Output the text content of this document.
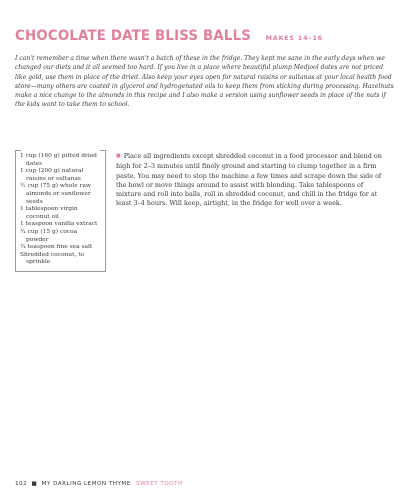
CHOCOLATE DATE BLISS BALLS MAKES 14–16

I can't remember a time when there wasn't a batch of these in the fridge. They kept me sane in the early days when we changed our diets and it all seemed too hard. If you live in a place where beautiful plump Medjool dates are not priced like gold, use them in place of the dried. Also keep your eyes open for natural raisins or sultanas at your local health food store—many others are coated in glycerol and hydrogenated oils to keep them from sticking during processing. Hazelnuts make a nice change to the almonds in this recipe and I also make a version using sunflower seeds in place of the nuts if the kids want to take them to school.

1 cup (160 g) pitted dried dates
1 cup (200 g) natural raisins or sultanas
½ cup (75 g) whole raw almonds or sunflower seeds
1 tablespoon virgin coconut oil
1 teaspoon vanilla extract
¼ cup (15 g) cocoa powder
¼ teaspoon fine sea salt
Shredded coconut, to sprinkle

■ Place all ingredients except shredded coconut in a food processor and blend on high for 2–3 minutes until finely ground and starting to clump together in a firm paste. You may need to stop the machine a few times and scrape down the side of the bowl or move things around to assist with blending. Take tablespoons of mixture and roll into balls, roll in shredded coconut, and chill in the fridge for at least 3–4 hours. Will keep, airtight, in the fridge for well over a week.

102 ■ MY DARLING LEMON THYME SWEET TOOTH
